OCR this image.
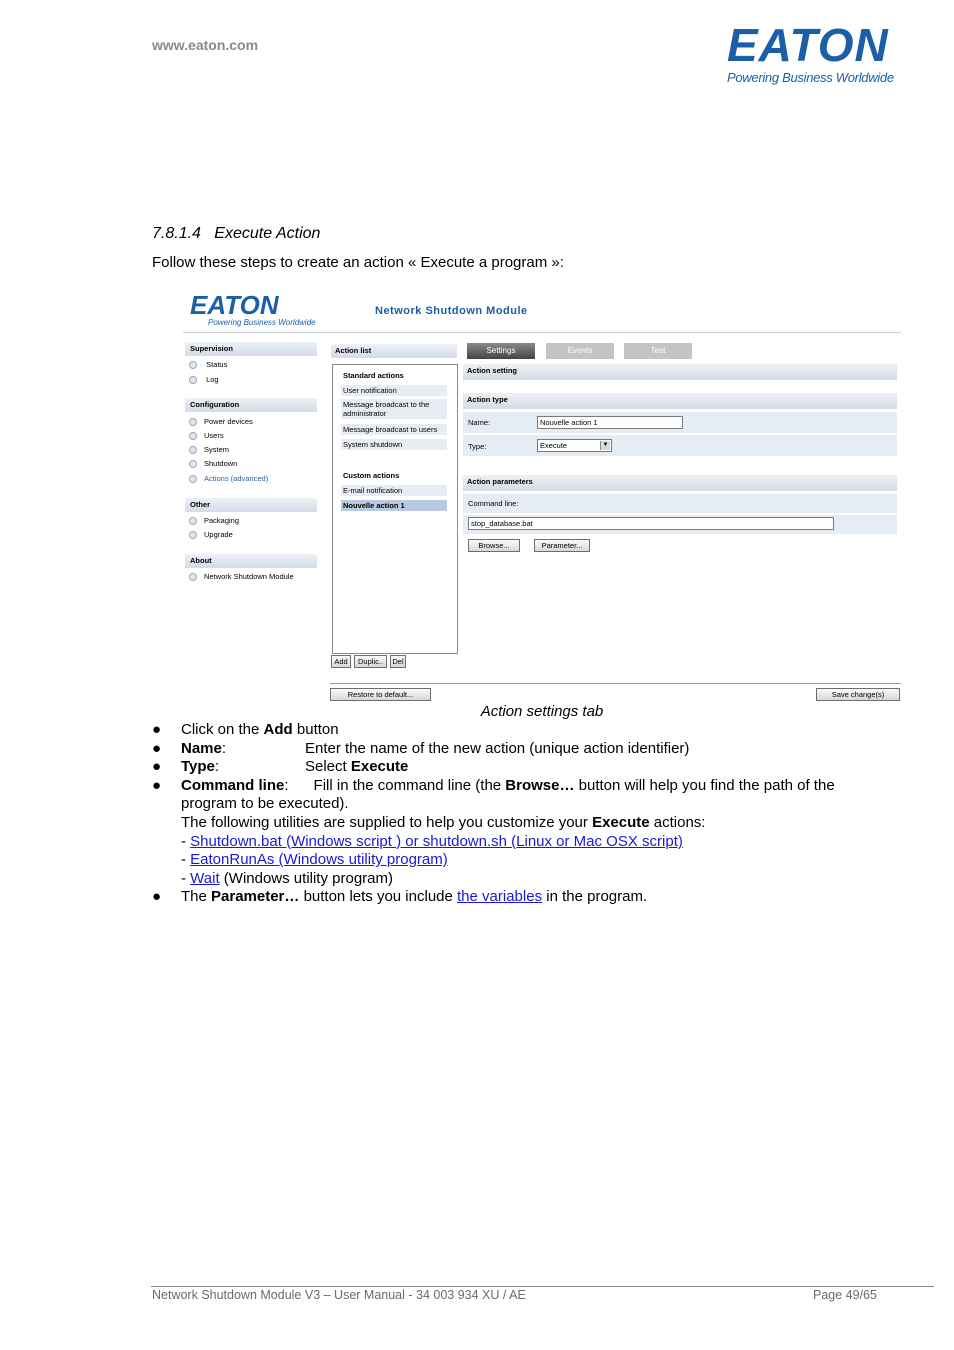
www.eaton.com	EATON
Powering Business Worldwide
7.8.1.4 Execute Action
Follow these steps to create an action « Execute a program »:
EATON
Powering Business Worldwide
Network Shutdown Module
Supervision
Status
Log
Configuration
Power devices
Users
System
Shutdown
Actions (advanced)
Other
Packaging
Upgrade
About
Network Shutdown Module
Action list
Standard actions
User notification
Message broadcast to the administrator
Message broadcast to users
System shutdown
Custom actions
E-mail notification
Nouvelle action 1
Add	Duplic..	Del
Settings	Events	Test
Action setting
Action type
Name:	Nouvelle action 1
Type:	Execute	▼
Action parameters
Command line:
stop_database.bat
Browse...	Parameter...
Restore to default...	Save change(s)
Action settings tab
● Click on the Add button
● Name:	Enter the name of the new action (unique action identifier)
● Type:	Select Execute
● Command line: Fill in the command line (the Browse… button will help you find the path of the program to be executed).
The following utilities are supplied to help you customize your Execute actions:
- Shutdown.bat (Windows script ) or shutdown.sh (Linux or Mac OSX script)
- EatonRunAs (Windows utility program)
- Wait (Windows utility program)
● The Parameter… button lets you include the variables in the program.
Network Shutdown Module V3 – User Manual - 34 003 934 XU / AE	Page 49/65
